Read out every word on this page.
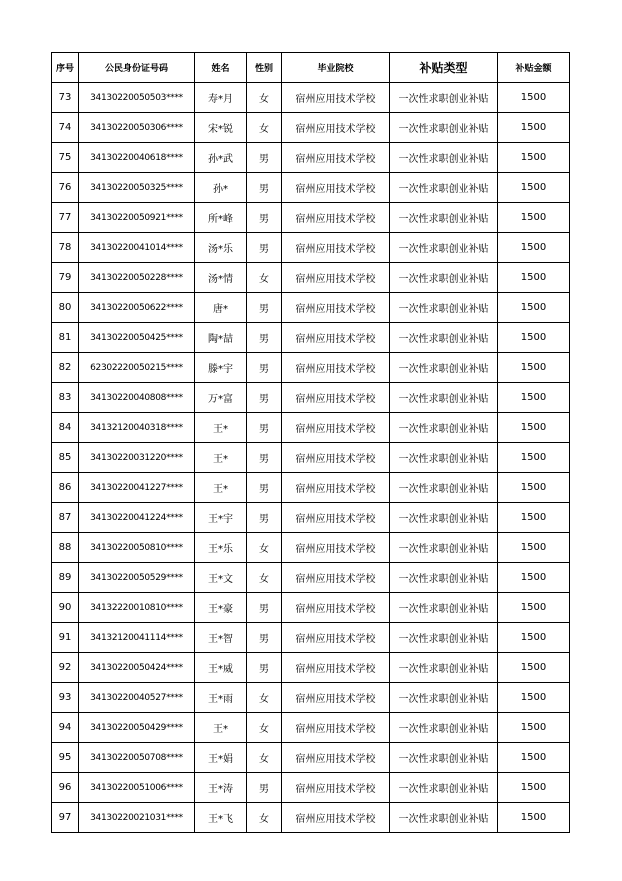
序号	公民身份证号码	姓名	性别	毕业院校	补贴类型	补贴金额
73	34130220050503****	寿*月	女	宿州应用技术学校	一次性求职创业补贴	1500
74	34130220050306****	宋*锐	女	宿州应用技术学校	一次性求职创业补贴	1500
75	34130220040618****	孙*武	男	宿州应用技术学校	一次性求职创业补贴	1500
76	34130220050325****	孙*	男	宿州应用技术学校	一次性求职创业补贴	1500
77	34130220050921****	所*峰	男	宿州应用技术学校	一次性求职创业补贴	1500
78	34130220041014****	汤*乐	男	宿州应用技术学校	一次性求职创业补贴	1500
79	34130220050228****	汤*情	女	宿州应用技术学校	一次性求职创业补贴	1500
80	34130220050622****	唐*	男	宿州应用技术学校	一次性求职创业补贴	1500
81	34130220050425****	陶*喆	男	宿州应用技术学校	一次性求职创业补贴	1500
82	62302220050215****	滕*宇	男	宿州应用技术学校	一次性求职创业补贴	1500
83	34130220040808****	万*富	男	宿州应用技术学校	一次性求职创业补贴	1500
84	34132120040318****	王*	男	宿州应用技术学校	一次性求职创业补贴	1500
85	34130220031220****	王*	男	宿州应用技术学校	一次性求职创业补贴	1500
86	34130220041227****	王*	男	宿州应用技术学校	一次性求职创业补贴	1500
87	34130220041224****	王*宇	男	宿州应用技术学校	一次性求职创业补贴	1500
88	34130220050810****	王*乐	女	宿州应用技术学校	一次性求职创业补贴	1500
89	34130220050529****	王*文	女	宿州应用技术学校	一次性求职创业补贴	1500
90	34132220010810****	王*豪	男	宿州应用技术学校	一次性求职创业补贴	1500
91	34132120041114****	王*智	男	宿州应用技术学校	一次性求职创业补贴	1500
92	34130220050424****	王*威	男	宿州应用技术学校	一次性求职创业补贴	1500
93	34130220040527****	王*雨	女	宿州应用技术学校	一次性求职创业补贴	1500
94	34130220050429****	王*	女	宿州应用技术学校	一次性求职创业补贴	1500
95	34130220050708****	王*娟	女	宿州应用技术学校	一次性求职创业补贴	1500
96	34130220051006****	王*涛	男	宿州应用技术学校	一次性求职创业补贴	1500
97	34130220021031****	王*飞	女	宿州应用技术学校	一次性求职创业补贴	1500
